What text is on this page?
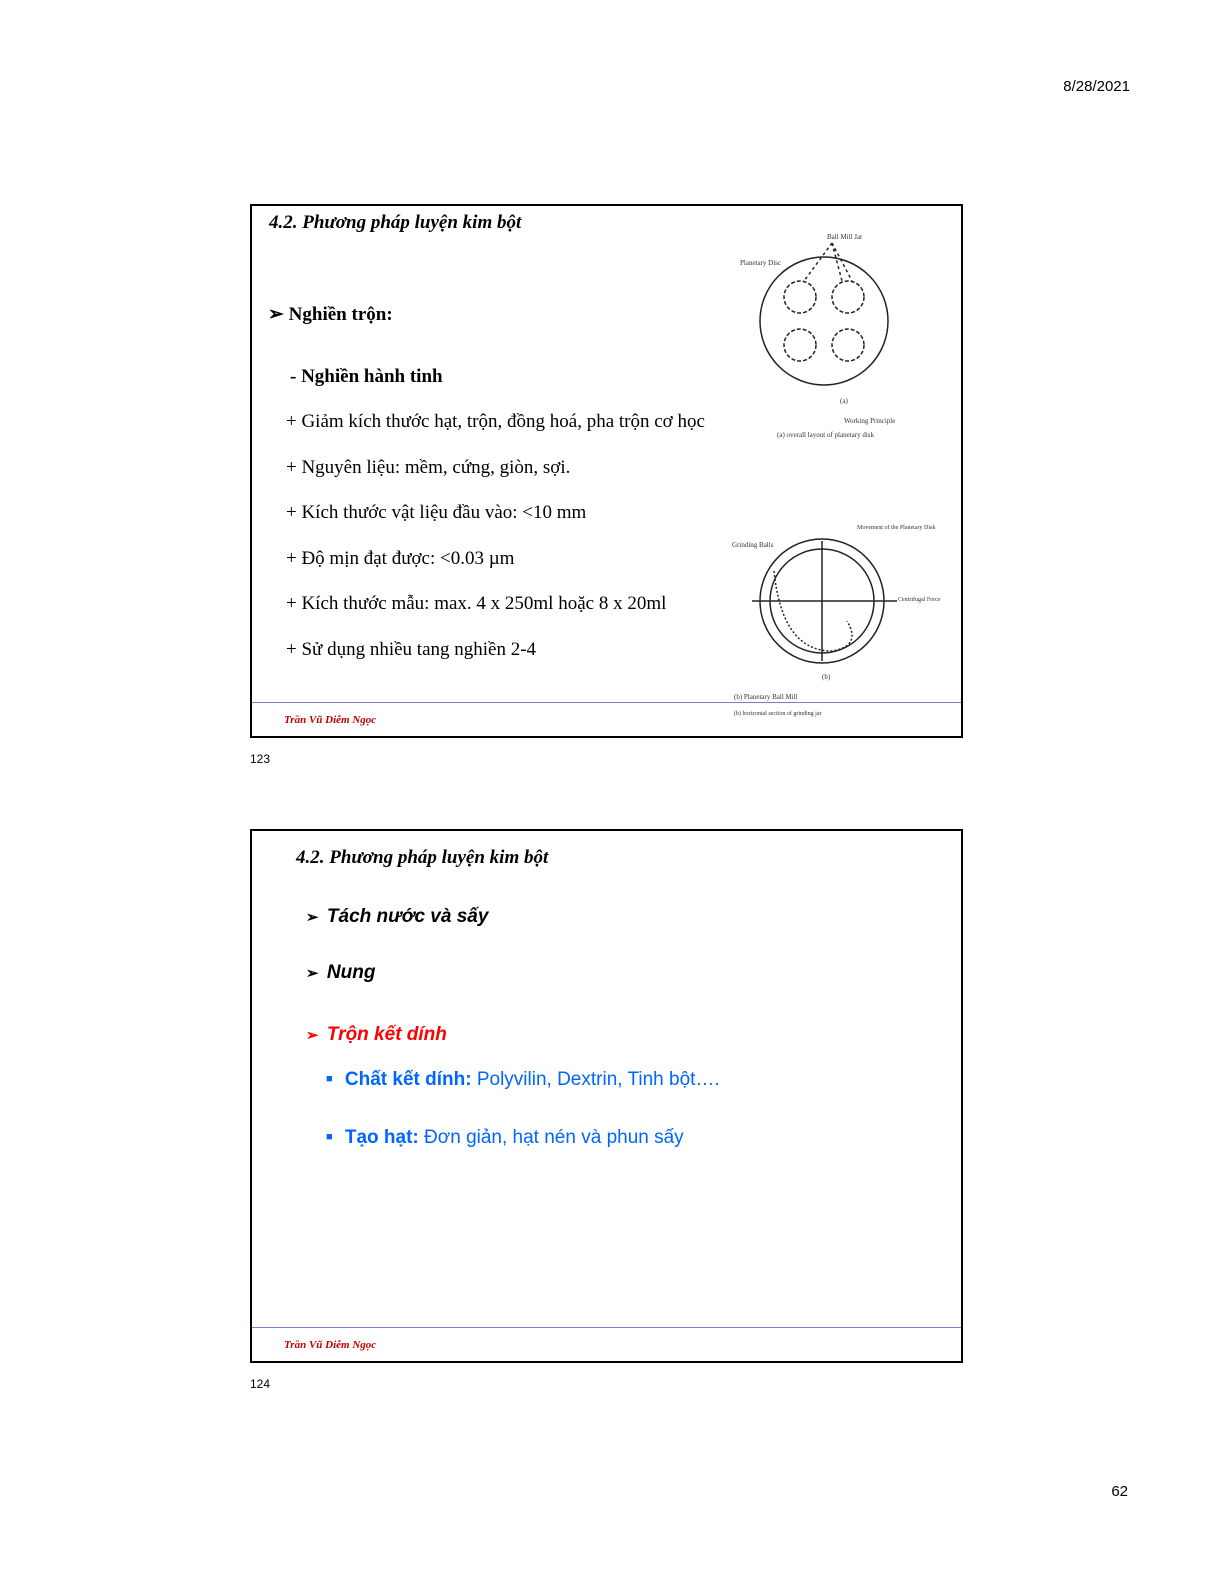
8/28/2021
4.2. Phương pháp luyện kim bột
➢ Nghiền trộn:
- Nghiền hành tinh
+ Giảm kích thước hạt, trộn, đồng hoá, pha trộn cơ học
+ Nguyên liệu: mềm, cứng, giòn, sợi.
+ Kích thước vật liệu đầu vào: <10 mm
+ Độ mịn đạt được: <0.03 µm
+ Kích thước mẫu: max. 4 x 250ml hoặc 8 x 20ml
+ Sử dụng nhiều tang nghiền 2-4
Ball Mill Jar
Planetary Disc
(a)
Working Principle
(a) overall layout of planetary disk
Grinding Balls
Movement of the Planetary Disk
Centrifugal Force
(b)
(b) Planetary Ball Mill
(b) horizontal section of grinding jar
Trần Vũ Diễm Ngọc
123
4.2. Phương pháp luyện kim bột
➢  Tách nước và sấy
➢  Nung
➢  Trộn kết dính
■    Chất kết dính: Polyvilin, Dextrin, Tinh bột….
■    Tạo hạt: Đơn giản, hạt nén và phun sấy
Trần Vũ Diễm Ngọc
124
62
